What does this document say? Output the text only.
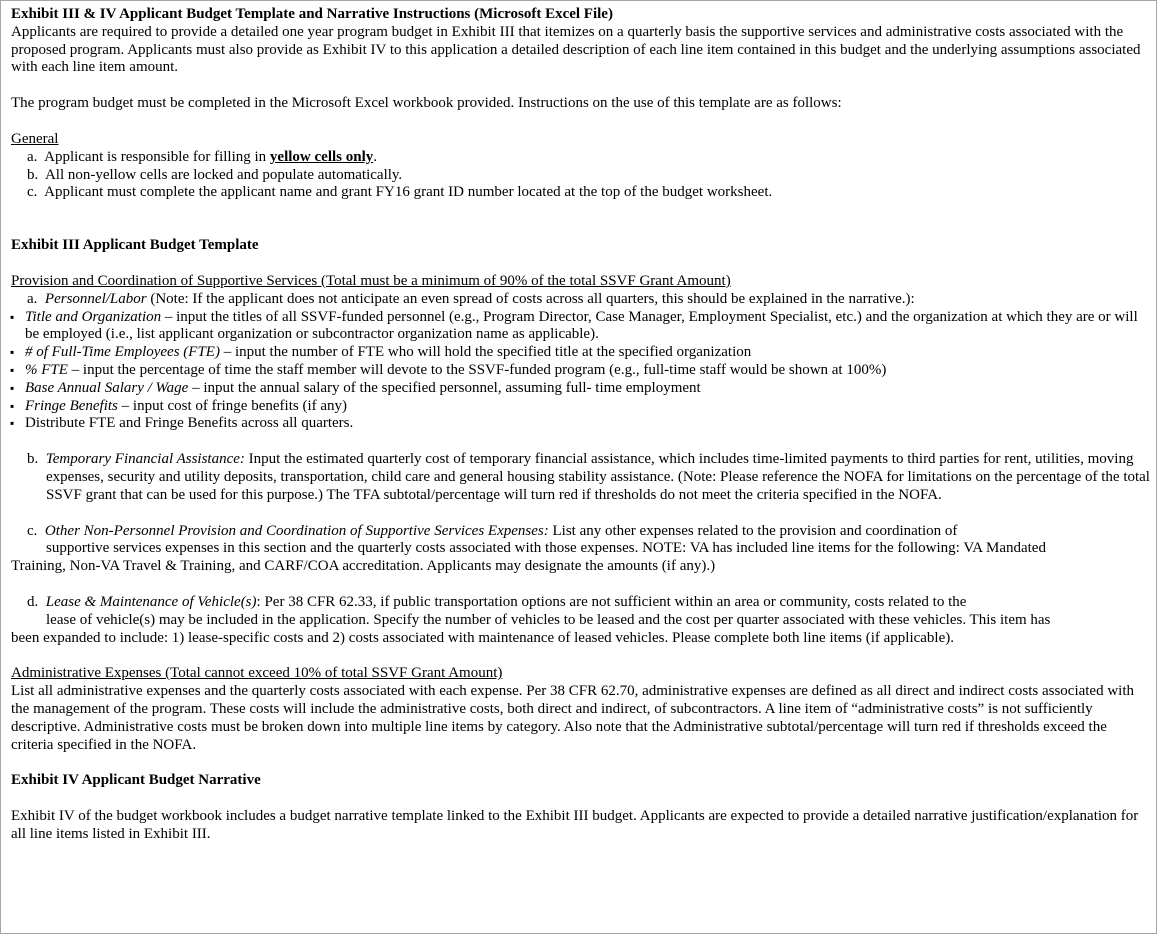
Exhibit III & IV Applicant Budget Template and Narrative Instructions (Microsoft Excel File)

Applicants are required to provide a detailed one year program budget in Exhibit III that itemizes on a quarterly basis the supportive services and administrative costs associated with the proposed program. Applicants must also provide as Exhibit IV to this application a detailed description of each line item contained in this budget and the underlying assumptions associated with each line item amount.

The program budget must be completed in the Microsoft Excel workbook provided. Instructions on the use of this template are as follows:

General

a. Applicant is responsible for filling in yellow cells only.

b. All non-yellow cells are locked and populate automatically.

c. Applicant must complete the applicant name and grant FY16 grant ID number located at the top of the budget worksheet.

Exhibit III Applicant Budget Template

Provision and Coordination of Supportive Services (Total must be a minimum of 90% of the total SSVF Grant Amount)

a. Personnel/Labor (Note: If the applicant does not anticipate an even spread of costs across all quarters, this should be explained in the narrative.):

▪ Title and Organization – input the titles of all SSVF-funded personnel (e.g., Program Director, Case Manager, Employment Specialist, etc.) and the organization at which they are or will be employed (i.e., list applicant organization or subcontractor organization name as applicable).

▪ # of Full-Time Employees (FTE) – input the number of FTE who will hold the specified title at the specified organization

▪ % FTE – input the percentage of time the staff member will devote to the SSVF-funded program (e.g., full-time staff would be shown at 100%)

▪ Base Annual Salary / Wage – input the annual salary of the specified personnel, assuming full- time employment

▪ Fringe Benefits – input cost of fringe benefits (if any)

▪ Distribute FTE and Fringe Benefits across all quarters.

b. Temporary Financial Assistance: Input the estimated quarterly cost of temporary financial assistance, which includes time-limited payments to third parties for rent, utilities, moving expenses, security and utility deposits, transportation, child care and general housing stability assistance. (Note: Please reference the NOFA for limitations on the percentage of the total SSVF grant that can be used for this purpose.) The TFA subtotal/percentage will turn red if thresholds do not meet the criteria specified in the NOFA.

c. Other Non-Personnel Provision and Coordination of Supportive Services Expenses: List any other expenses related to the provision and coordination of

supportive services expenses in this section and the quarterly costs associated with those expenses. NOTE: VA has included line items for the following: VA Mandated

Training, Non-VA Travel & Training, and CARF/COA accreditation. Applicants may designate the amounts (if any).)

d. Lease & Maintenance of Vehicle(s): Per 38 CFR 62.33, if public transportation options are not sufficient within an area or community, costs related to the

lease of vehicle(s) may be included in the application. Specify the number of vehicles to be leased and the cost per quarter associated with these vehicles. This item has

been expanded to include: 1) lease-specific costs and 2) costs associated with maintenance of leased vehicles. Please complete both line items (if applicable).

Administrative Expenses (Total cannot exceed 10% of total SSVF Grant Amount)

List all administrative expenses and the quarterly costs associated with each expense. Per 38 CFR 62.70, administrative expenses are defined as all direct and indirect costs associated with the management of the program. These costs will include the administrative costs, both direct and indirect, of subcontractors. A line item of “administrative costs” is not sufficiently descriptive. Administrative costs must be broken down into multiple line items by category. Also note that the Administrative subtotal/percentage will turn red if thresholds exceed the criteria specified in the NOFA.

Exhibit IV Applicant Budget Narrative

Exhibit IV of the budget workbook includes a budget narrative template linked to the Exhibit III budget. Applicants are expected to provide a detailed narrative justification/explanation for all line items listed in Exhibit III.
